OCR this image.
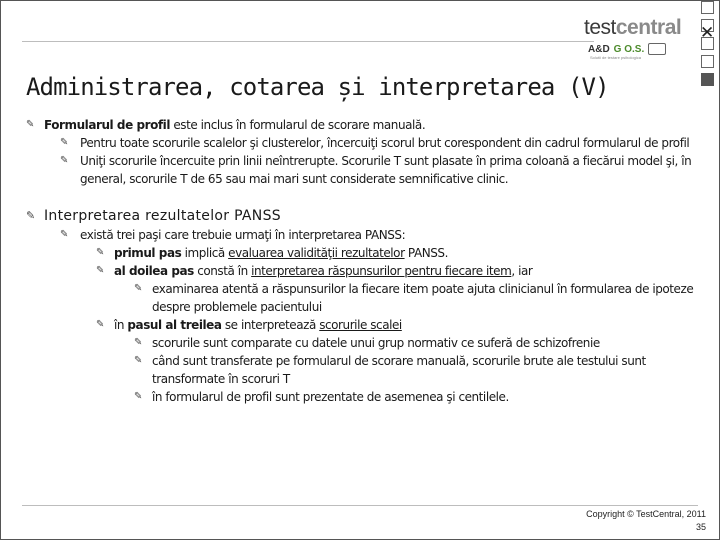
✕
testcentral
A&D G O.S.
Solutii de testare psihologica
Administrarea, cotarea și interpretarea (V)
✎ Formularul de profil este inclus în formularul de scorare manuală.
✎ Pentru toate scorurile scalelor şi clusterelor, încercuiţi scorul brut corespondent din cadrul formularul de profil
✎ Uniţi scorurile încercuite prin linii neîntrerupte. Scorurile T sunt plasate în prima coloană a fiecărui model şi, în general, scorurile T de 65 sau mai mari sunt considerate semnificative clinic.
✎ Interpretarea rezultatelor PANSS
✎ există trei paşi care trebuie urmaţi în interpretarea PANSS:
✎ primul pas implică evaluarea validităţii rezultatelor PANSS.
✎ al doilea pas constă în interpretarea răspunsurilor pentru fiecare item, iar
✎ examinarea atentă a răspunsurilor la fiecare item poate ajuta clinicianul în formularea de ipoteze despre problemele pacientului
✎ în pasul al treilea se interpretează scorurile scalei
✎ scorurile sunt comparate cu datele unui grup normativ ce suferă de schizofrenie
✎ când sunt transferate pe formularul de scorare manuală, scorurile brute ale testului sunt transformate în scoruri T
✎ în formularul de profil sunt prezentate de asemenea şi centilele.
Copyright © TestCentral, 2011
35
